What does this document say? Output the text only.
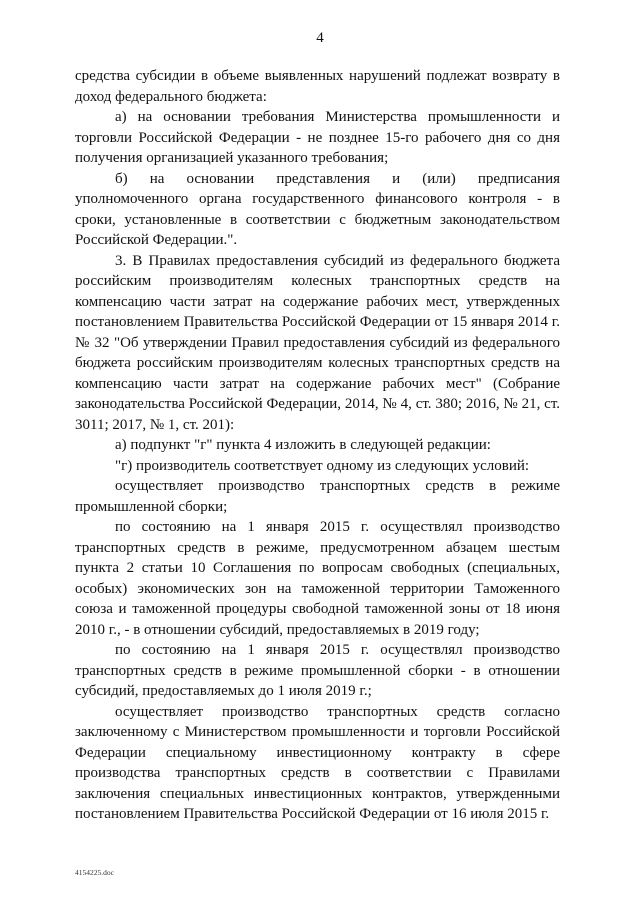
4

средства субсидии в объеме выявленных нарушений подлежат возврату в доход федерального бюджета:

а) на основании требования Министерства промышленности и торговли Российской Федерации - не позднее 15-го рабочего дня со дня получения организацией указанного требования;

б) на основании представления и (или) предписания уполномоченного органа государственного финансового контроля - в сроки, установленные в соответствии с бюджетным законодательством Российской Федерации.".

3. В Правилах предоставления субсидий из федерального бюджета российским производителям колесных транспортных средств на компенсацию части затрат на содержание рабочих мест, утвержденных постановлением Правительства Российской Федерации от 15 января 2014 г. № 32 "Об утверждении Правил предоставления субсидий из федерального бюджета российским производителям колесных транспортных средств на компенсацию части затрат на содержание рабочих мест" (Собрание законодательства Российской Федерации, 2014, № 4, ст. 380; 2016, № 21, ст. 3011; 2017, № 1, ст. 201):

а) подпункт "г" пункта 4 изложить в следующей редакции:

"г) производитель соответствует одному из следующих условий:

осуществляет производство транспортных средств в режиме промышленной сборки;

по состоянию на 1 января 2015 г. осуществлял производство транспортных средств в режиме, предусмотренном абзацем шестым пункта 2 статьи 10 Соглашения по вопросам свободных (специальных, особых) экономических зон на таможенной территории Таможенного союза и таможенной процедуры свободной таможенной зоны от 18 июня 2010 г., - в отношении субсидий, предоставляемых в 2019 году;

по состоянию на 1 января 2015 г. осуществлял производство транспортных средств в режиме промышленной сборки - в отношении субсидий, предоставляемых до 1 июля 2019 г.;

осуществляет производство транспортных средств согласно заключенному с Министерством промышленности и торговли Российской Федерации специальному инвестиционному контракту в сфере производства транспортных средств в соответствии с Правилами заключения специальных инвестиционных контрактов, утвержденными постановлением Правительства Российской Федерации от 16 июля 2015 г.

4154225.doc
